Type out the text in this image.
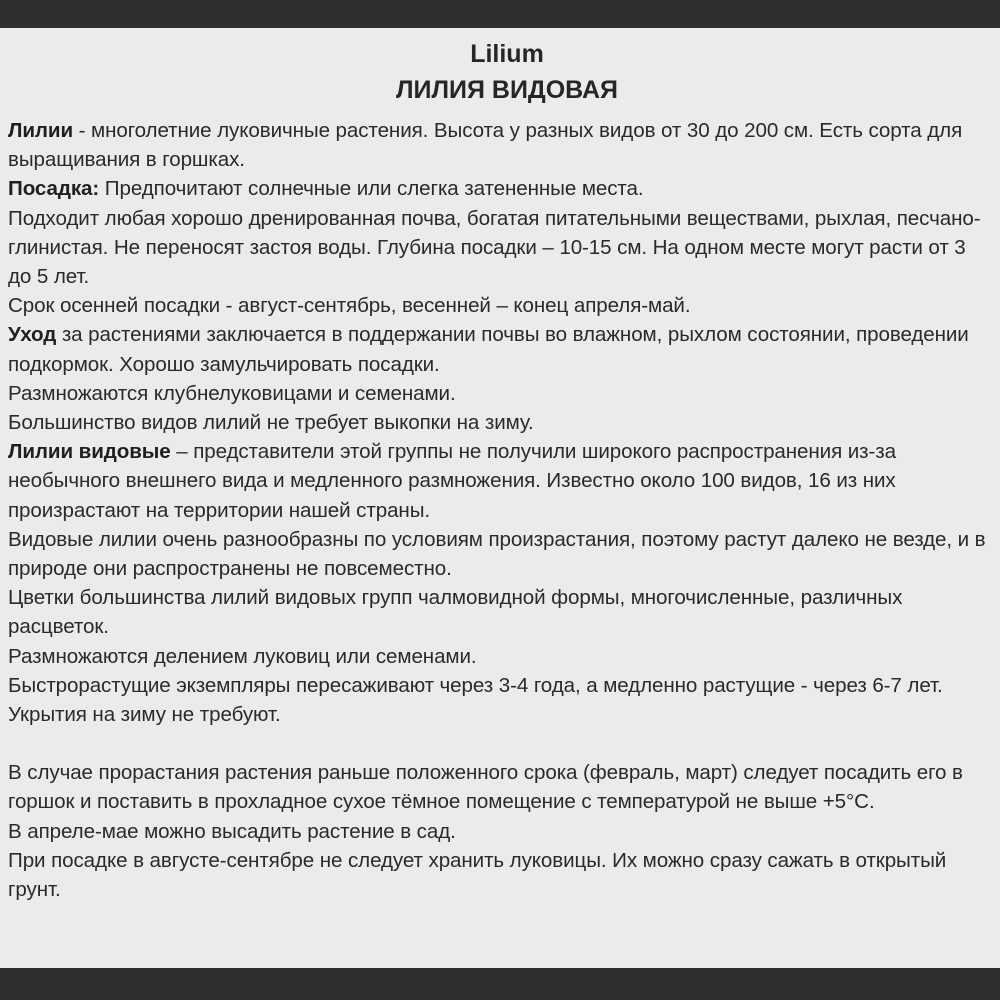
Lilium
ЛИЛИЯ ВИДОВАЯ

Лилии - многолетние луковичные растения. Высота у разных видов от 30 до 200 см. Есть сорта для выращивания в горшках.

Посадка: Предпочитают солнечные или слегка затененные места.

Подходит любая хорошо дренированная почва, богатая питательными веществами, рыхлая, песчано-глинистая. Не переносят застоя воды. Глубина посадки – 10-15 см. На одном месте могут расти от 3 до 5 лет.

Срок осенней посадки - август-сентябрь, весенней – конец апреля-май.

Уход за растениями заключается в поддержании почвы во влажном, рыхлом состоянии, проведении подкормок. Хорошо замульчировать посадки.

Размножаются клубнелуковицами и семенами.

Большинство видов лилий не требует выкопки на зиму.

Лилии видовые – представители этой группы не получили широкого распространения из-за необычного внешнего вида и медленного размножения. Известно около 100 видов, 16 из них произрастают на территории нашей страны.

Видовые лилии очень разнообразны по условиям произрастания, поэтому растут далеко не везде, и в природе они распространены не повсеместно.

Цветки большинства лилий видовых групп чалмовидной формы, многочисленные, различных расцветок.

Размножаются делением луковиц или семенами.

Быстрорастущие экземпляры пересаживают через 3-4 года, а медленно растущие - через 6-7 лет.

Укрытия на зиму не требуют.

В случае прорастания растения раньше положенного срока (февраль, март) следует посадить его в горшок и поставить в прохладное сухое тёмное помещение с температурой не выше +5°С.

В апреле-мае можно высадить растение в сад.

При посадке в августе-сентябре не следует хранить луковицы. Их можно сразу сажать в открытый грунт.
